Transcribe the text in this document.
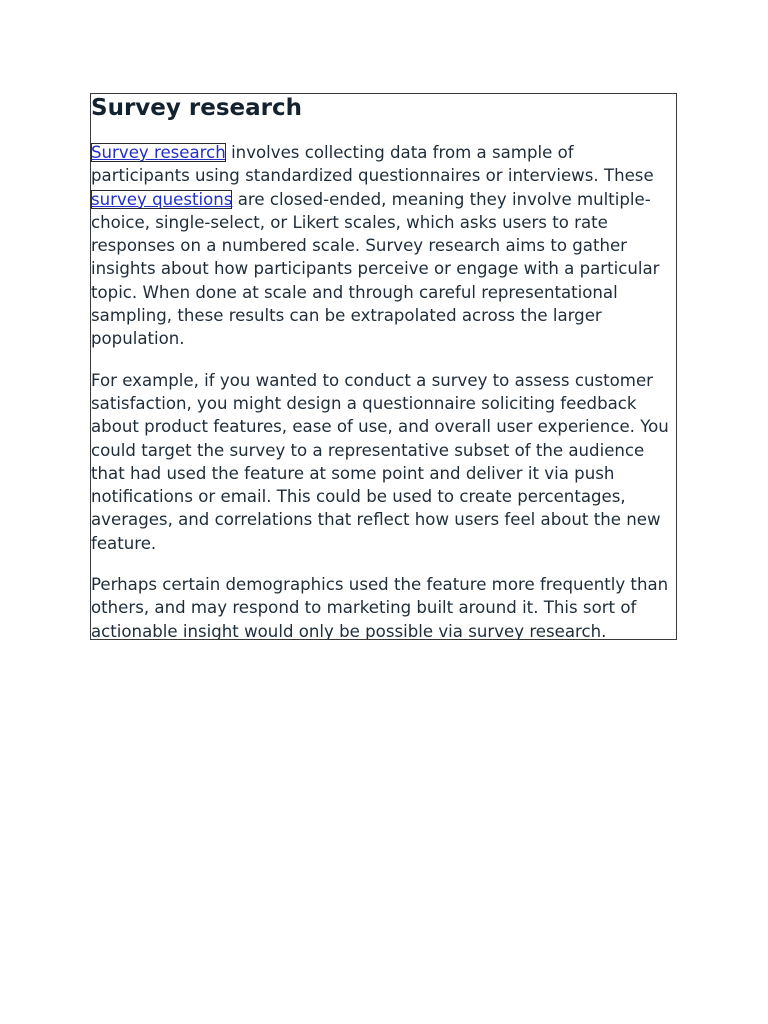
Survey research

Survey research involves collecting data from a sample of participants using standardized questionnaires or interviews. These survey questions are closed-ended, meaning they involve multiple-choice, single-select, or Likert scales, which asks users to rate responses on a numbered scale. Survey research aims to gather insights about how participants perceive or engage with a particular topic. When done at scale and through careful representational sampling, these results can be extrapolated across the larger population.

For example, if you wanted to conduct a survey to assess customer satisfaction, you might design a questionnaire soliciting feedback about product features, ease of use, and overall user experience. You could target the survey to a representative subset of the audience that had used the feature at some point and deliver it via push notifications or email. This could be used to create percentages, averages, and correlations that reflect how users feel about the new feature.

Perhaps certain demographics used the feature more frequently than others, and may respond to marketing built around it. This sort of actionable insight would only be possible via survey research.
